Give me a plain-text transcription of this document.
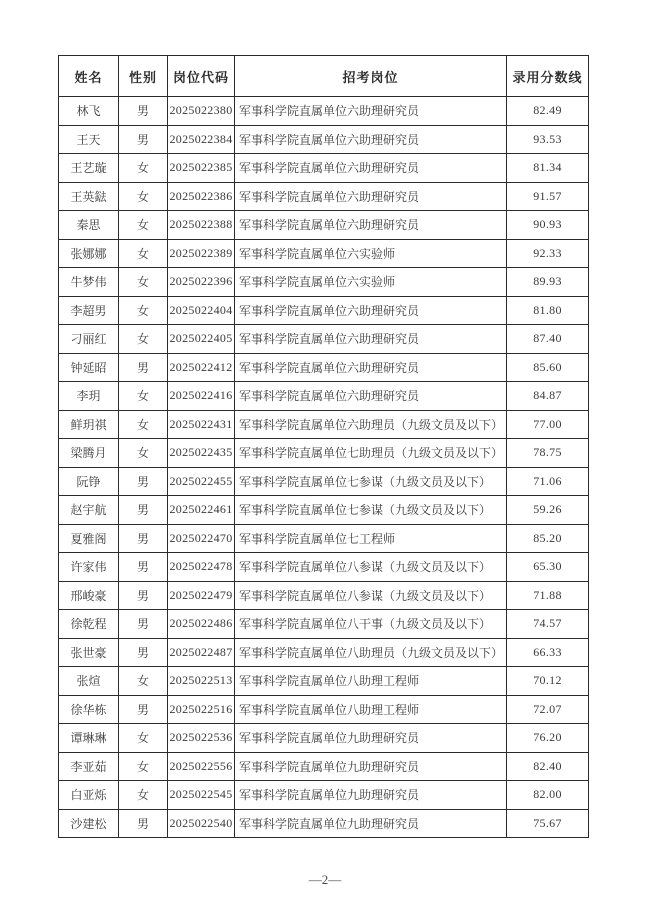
姓名	性别	岗位代码	招考岗位	录用分数线
林飞	男	2025022380	军事科学院直属单位六助理研究员	82.49
王天	男	2025022384	军事科学院直属单位六助理研究员	93.53
王艺璇	女	2025022385	军事科学院直属单位六助理研究员	81.34
王英鍅	女	2025022386	军事科学院直属单位六助理研究员	91.57
秦思	女	2025022388	军事科学院直属单位六助理研究员	90.93
张娜娜	女	2025022389	军事科学院直属单位六实验师	92.33
牛梦伟	女	2025022396	军事科学院直属单位六实验师	89.93
李超男	女	2025022404	军事科学院直属单位六助理研究员	81.80
刁丽红	女	2025022405	军事科学院直属单位六助理研究员	87.40
钟延昭	男	2025022412	军事科学院直属单位六助理研究员	85.60
李玥	女	2025022416	军事科学院直属单位六助理研究员	84.87
鲜玥祺	女	2025022431	军事科学院直属单位六助理员（九级文员及以下）	77.00
梁腾月	女	2025022435	军事科学院直属单位七助理员（九级文员及以下）	78.75
阮铮	男	2025022455	军事科学院直属单位七参谋（九级文员及以下）	71.06
赵宇航	男	2025022461	军事科学院直属单位七参谋（九级文员及以下）	59.26
夏雅阁	男	2025022470	军事科学院直属单位七工程师	85.20
许家伟	男	2025022478	军事科学院直属单位八参谋（九级文员及以下）	65.30
邢峻豪	男	2025022479	军事科学院直属单位八参谋（九级文员及以下）	71.88
徐乾程	男	2025022486	军事科学院直属单位八干事（九级文员及以下）	74.57
张世豪	男	2025022487	军事科学院直属单位八助理员（九级文员及以下）	66.33
张煊	女	2025022513	军事科学院直属单位八助理工程师	70.12
徐华栋	男	2025022516	军事科学院直属单位八助理工程师	72.07
谭琳琳	女	2025022536	军事科学院直属单位九助理研究员	76.20
李亚茹	女	2025022556	军事科学院直属单位九助理研究员	82.40
白亚烁	女	2025022545	军事科学院直属单位九助理研究员	82.00
沙建松	男	2025022540	军事科学院直属单位九助理研究员	75.67
—2—
